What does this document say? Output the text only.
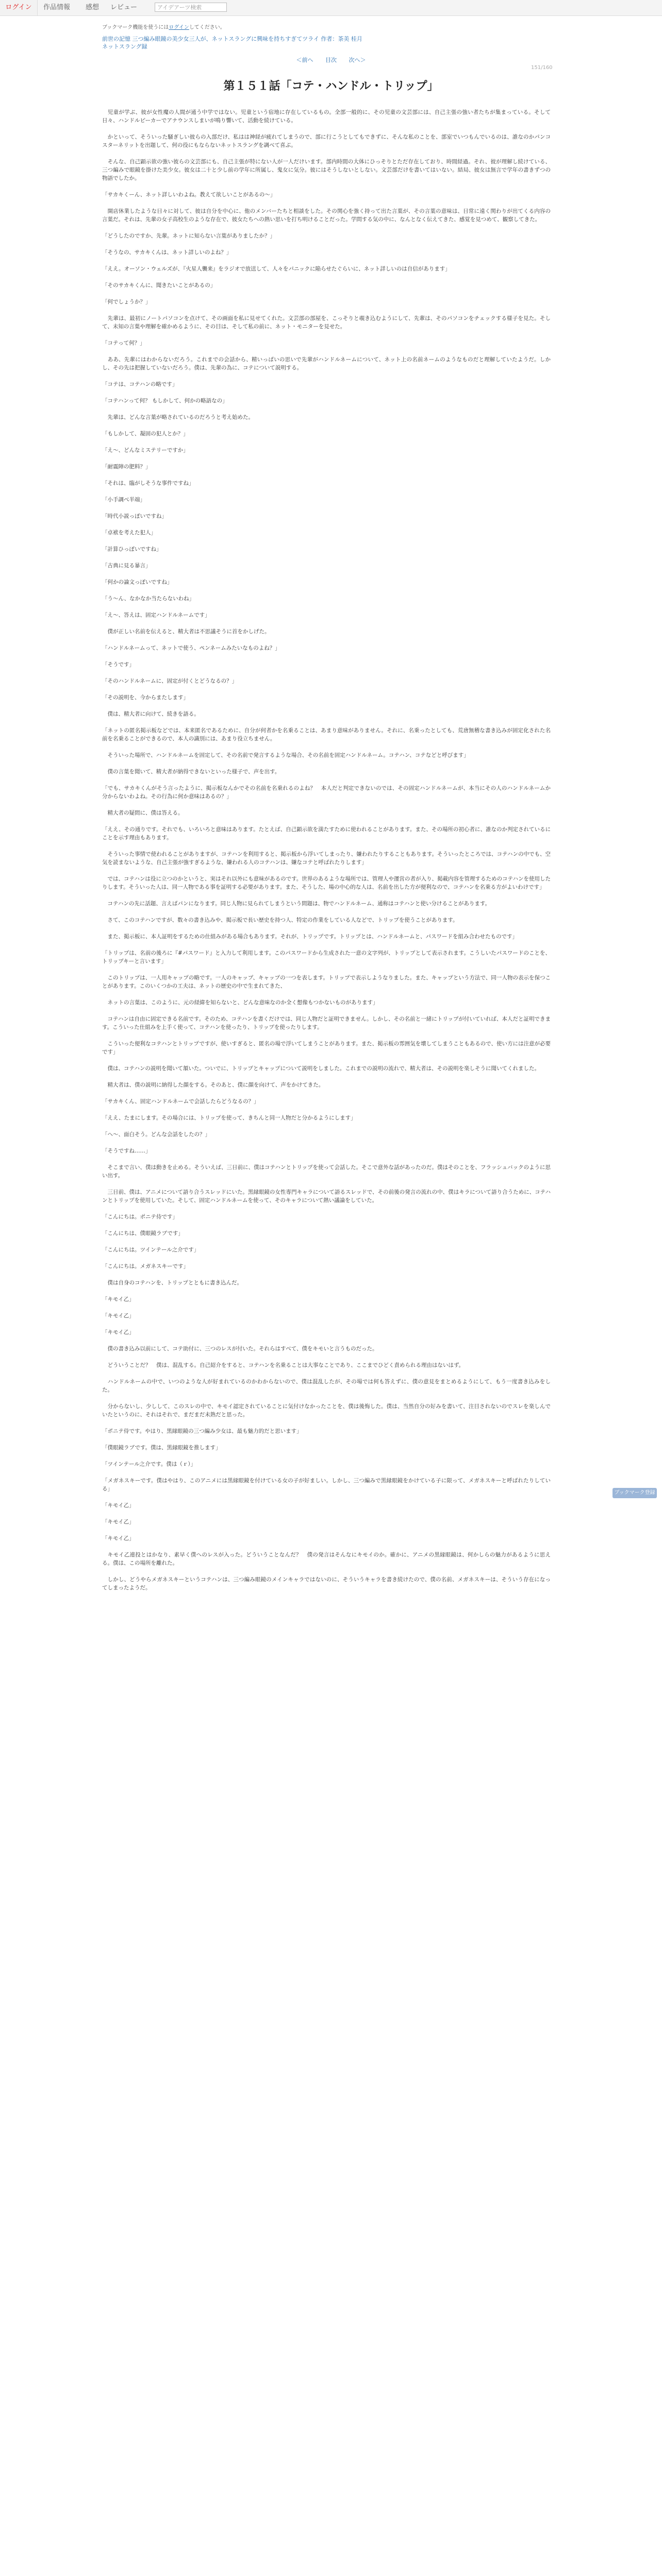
ログイン	作品情報 感想 レビュー	アイデアーツ検索
ブックマーク機能を使うにはログインしてください。
前世の記憶 三つ編み眼鏡の美少女三人が、ネットスラングに興味を持ちすぎてツライ 作者：茶美 桂月
ネットスラング録
＜前へ 目次 次へ＞
151/160
第１５１話「コテ・ハンドル・トリップ」

　児童が学ぶ、彼が女性魔の人間が通う中学ではない。児童という宿地に存在しているもの。全部一般的に、その児童の文芸部には、自己主張の強い者たちが集まっている。そして日々、ハンドルピーカーでアナウンスしまいが鳴り響いて、活動を続けている。

　かといって、そういった騒ぎしい彼らの入部だけ、私はは神経が疲れてしまうので、部に行こうとしてもできずに、そんな私のことを、部室でいつもんでいるのは、誰なのかパンコスターネリットを出題して、何の役にもならないネットスラングを調べて喜ぶ。

　そんな、自己顕示欲の強い彼らの文芸部にも、自己主張が特にない人が一人だけいます。部内時間の大体にひっそりとただ存在しており、時間経過。それ、彼が理解し続けている、三つ編みで眼鏡を掛けた美少女。彼女は二十と少し前の学年に所属し、鬼女に気分。彼にはそうしないとしない。文芸部だけを書いてはいない。結局、彼女は無言で学年の書きずつの物語でしたか。

「サカキくーん、ネット詳しいわよね。教えて欲しいことがあるの～」

　開店休業したような日々に対して、彼は自分を中心に、他のメンバーたちと相談をした。その関心を強く持って出た言葉が、その言葉の意味は、日常に遠く関わりが出てくる内容の言葉だ。それは、先輩の女子高校生のような存在で、彼女たちへの熱い思いを打ち明けることだった。学問する気の中に、なんとなく伝えてきた、感覚を見つめて、観察してきた。

「どうしたのですか、先輩。ネットに知らない言葉がありましたか？」

「そうなの、サカキくんは、ネット詳しいのよね？」

「ええ。オーソン・ウェルズが、『火星人襲来』をラジオで放送して、人々をパニックに陥らせたぐらいに、ネット詳しいのは自信があります」

「そのサカキくんに、聞きたいことがあるの」

「何でしょうか？」

　先輩は、最初にノートパソコンを点けて、その画面を私に見せてくれた。文芸部の部屋を、こっそりと覗き込むようにして、先輩は、そのパソコンをチェックする様子を見た。そして、未知の言葉や理解を確かめるように、その目は、そして私の前に、ネット・モニターを見せた。

「コテって何？」

　ああ、先輩にはわからないだろう。これまでの会話から、精いっぱいの思いで先輩がハンドルネームについて、ネット上の名前ネームのようなものだと理解していたようだ。しかし、その先は把握していないだろう。僕は、先輩の為に、コテについて説明する。

「コテは、コテハンの略です」

「コテハンって何？ もしかして、何かの略語なの」

　先輩は、どんな言葉が略されているのだろうと考え始めた。

「もしかして、凝固の犯人とか？」

「え～、どんなミステリーですか」

「耐震陣の肥料？」

「それは、臨がしそうな事件ですね」

「小手調べ半端」

「時代小説っぽいですね」

「卓袱を考えた犯人」

「計算ひっぽいですね」

「古典に見る暴言」

「何かの論文っぽいですね」

「う～ん、なかなか当たらないわね」

「え～、答えは、固定ハンドルネームです」

　僕が正しい名前を伝えると、精大者は不思議そうに首をかしげた。

「ハンドルネームって、ネットで使う、ペンネームみたいなものよね？」

「そうです」

「そのハンドルネームに、固定が付くとどうなるの？」

「その説明を、今からまたします」

　僕は、精大者に向けて、続きを語る。

「ネットの匿名掲示板などでは、本来匿名であるために、自分が何者かを名乗ることは、あまり意味がありません。それに、名乗ったとしても、荒唐無稽な書き込みが固定化された名前を名乗ることができるので、本人の識別には、あまり役立ちません。

　そういった場所で、ハンドルネームを固定して、その名前で発言するような場合、その名前を固定ハンドルネーム。コテハン、コテなどと呼びます」

　僕の言葉を聞いて、精大者が納得できないといった様子で、声を出す。

「でも、サカキくんがそう言ったように、掲示板なんかでその名前を名乗れるのよね？　本人だと判定できないのでは、その固定ハンドルネームが、本当にその人のハンドルネームか分からないわよね。その行為に何か意味はあるの？」

　精大者の疑問に、僕は答える。

「ええ、その通りです。それでも、いろいろと意味はあります。たとえば、自己顕示欲を満たすために使われることがあります。また、その場所の初心者に、誰なのか判定されているにことを示す理由もあります。

　そういった事情で使われることがありますが、コテハンを利用すると、掲示板から浮いてしまったり、嫌われたりすることもあります。そういったところでは、コテハンの中でも、空気を読まないような、自己主張が強すぎるような、嫌われる人のコテハンは、嫌なコテと呼ばれたりします」

　では、コテハンは役に立つのかというと、実はそれ以外にも意味があるのです。世界のあるような場所では、管理人や運営の者が入り、掲載内容を管理するためのコテハンを使用したりします。そういった人は、同一人物である事を証明する必要があります。また、そうした、場の中心的な人は、名前を出した方が便利なので、コテハンを名乗る方がよいわけです」

　コテハンの先に話題、言えばパンになります。同じ人物に見られてしまうという問題は、物でハンドルネーム、通称はコテハンと使い分けることがあります。

　さて、このコテハンですが、数々の書き込みや、掲示板で長い歴史を持つ人、特定の作業をしている人などで、トリップを使うことがあります。

　また、掲示板に、本人証明をするための仕組みがある場合もあります。それが、トリップです。トリップとは、ハンドルネームと、パスワードを組み合わせたものです」

「トリップは、名前の後ろに『#パスワード』と入力して利用します。このパスワードから生成された一意の文字列が、トリップとして表示されます。こうしいたパスワードのことを、トリップキーと言います」

　このトリップは、一人用キャップの略です。一人のキャップ、キャップの一つを表します。トリップで表示しようなりました。また、キャップという方法で、同一人物の表示を保つことがあります。このいくつかの工夫は、ネットの歴史の中で生まれてきた、

　ネットの言葉は、このように、元の経緯を知らないと、どんな意味なのか全く想像もつかないものがあります」

　コテハンは自由に固定できる名前です。そのため、コテハンを書くだけでは、同じ人物だと証明できません。しかし、その名前と一緒にトリップが付いていれば、本人だと証明できます。こういった仕組みを上手く使って、コテハンを使ったり、トリップを使ったりします。

　こういった便利なコテハンとトリップですが、使いすぎると、匿名の場で浮いてしまうことがあります。また、掲示板の雰囲気を壊してしまうこともあるので、使い方には注意が必要です」

　僕は、コテハンの説明を聞いて頷いた。ついでに、トリップとキャップについて説明をしました。これまでの説明の流れで、精大者は、その説明を楽しそうに聞いてくれました。

　精大者は、僕の説明に納得した顔をする。そのあと、僕に顔を向けて、声をかけてきた。

「サカキくん、固定ハンドルネームで会話したらどうなるの？」

「ええ、たまにします。その場合には、トリップを使って、きちんと同一人物だと分かるようにします」

「へ～、面白そう。どんな会話をしたの？」

「そうですね……」

　そこまで言い、僕は動きを止める。そういえば、三日前に、僕はコテハンとトリップを使って会話した。そこで意外な話があったのだ。僕はそのことを、フラッシュバックのように思い出す。

　三日前、僕は、アニメについて語り合うスレッドにいた。黒縁眼鏡の女性専門キャラについて語るスレッドで、その前後の発言の流れの中、僕はキラについて語り合うために、コテハンとトリップを使用していた。そして、固定ハンドルネームを使って、そのキャラについて熱い議論をしていた。

「こんにちは。ポニテ侍です」

「こんにちは、僕眼鏡ラブです」

「こんにちは。ツインテール之介です」

「こんにちは。メガネスキーです」

　僕は自身のコテハンを、トリップとともに書き込んだ。

「キモイ乙」

「キモイ乙」

「キモイ乙」

　僕の書き込み以前にして、コテ助付に、三つのレスが付いた。それらはすべて、僕をキモいと言うものだった。

　どういうことだ？　僕は、混乱する。自己紹介をすると、コテハンを名乗ることは大事なことであり、ここまでひどく責められる理由はないはず。

　ハンドルネームの中で、いつのような人が好まれているのかわからないので、僕は混乱したが、その場では何も答えずに、僕の意見をまとめるようにして、もう一度書き込みをした。

　分からないし、少しして、このスレの中で、キモイ認定されていることに気付けなかったことを、僕は後悔した。僕は、当然自分の好みを書いて、注目されないのでスレを楽しんでいたというのに、それはそれで、まだまだ未熟だと思った。

「ポニテ侍です。やはり、黒縁眼鏡の三つ編み少女は、最も魅力的だと思います」

「僕眼鏡ラブです。僕は、黒縁眼鏡を推します」

「ツインテール之介です。僕は（ｒ）」

「メガネスキーです。僕はやはり、このアニメには黒縁眼鏡を付けている女の子が好ましい。しかし、三つ編みで黒縁眼鏡をかけている子に限って、メガネスキーと呼ばれたりしている」

「キモイ乙」

「キモイ乙」

「キモイ乙」

　キモイ乙連投とはかなり、素早く僕へのレスが入った。どういうことなんだ？　僕の発言はそんなにキモイのか。確かに、アニメの黒縁眼鏡は、何かしらの魅力があるように思える。僕は、この場所を離れた。

　しかし、どうやらメガネスキーというコテハンは、三つ編み眼鏡のメインキャラではないのに、そういうキャラを書き続けたので、僕の名前、メガネスキーは、そういう存在になってしまったようだ。

ブックマーク登録
